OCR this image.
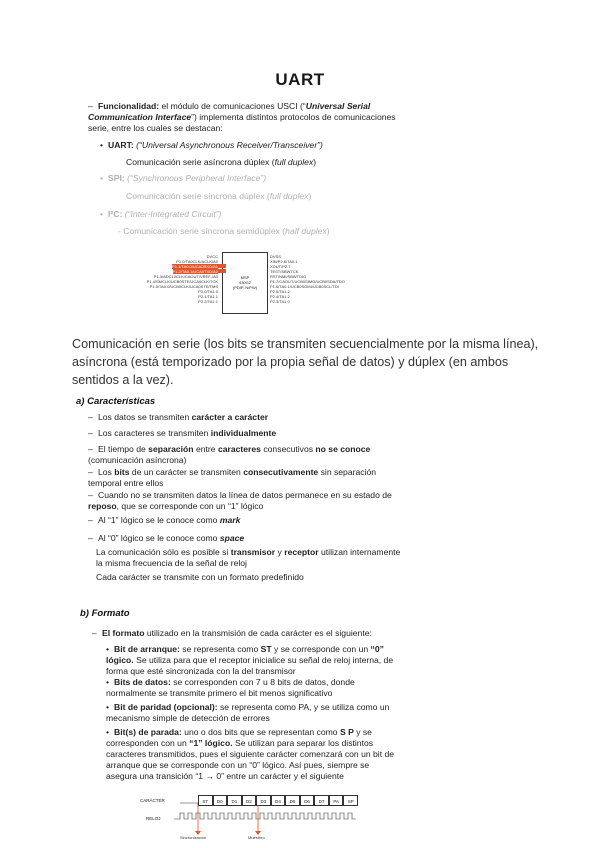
UART
– Funcionalidad: el módulo de comunicaciones USCI (“Universal Serial Communication Interface”) implementa distintos protocolos de comunicaciones serie, entre los cuales se destacan:
• UART: (“Universal Asynchronous Receiver/Transceiver”)
Comunicación serie asíncrona dúplex (full duplex)
• SPI: (“Synchronous Peripheral Interface”)
Comunicación serie síncrona dúplex (full duplex)
• I²C: (“Inter-Integrated Circuit”)
- Comunicación serie síncrona semidúplex (half duplex)
MSP
430G2
(PDIP, N/PW)
DVCC
P1.0/TA0CLK/ACLK/A0
P1.1/TA0.0/UCA0RXD/A1
P1.2/TA0.1/UCA0TXD/A2
P1.3/ADC10CLK/CAOUT/VREF-/A3
P1.4/SMCLK/UCB0STE/UCA0CLK/TCK
P1.5/TA0.0/UCB0CLK/UCA0STE/TMS
P2.0/TA1.0
P2.1/TA1.1
P2.2/TA1.1
DVSS
XIN/P2.6/TA0.1
XOUT/P2.7
TEST/SBWTCK
RST/NMI/SBWTDIO
P1.7/CAOUT/UCB0SIMO/UCB0SDA/TDO
P1.6/TA0.1/UCB0SOMI/UCB0SCL/TDI
P2.5/TA1.2
P2.4/TA1.2
P2.3/TA1.0
Comunicación en serie (los bits se transmiten secuencialmente por la misma línea), asíncrona (está temporizado por la propia señal de datos) y dúplex (en ambos sentidos a la vez).
a) Características
– Los datos se transmiten carácter a carácter
– Los caracteres se transmiten individualmente
– El tiempo de separación entre caracteres consecutivos no se conoce (comunicación asíncrona)
– Los bits de un carácter se transmiten consecutivamente sin separación temporal entre ellos
– Cuando no se transmiten datos la línea de datos permanece en su estado de reposo, que se corresponde con un “1” lógico
– Al “1” lógico se le conoce como mark
– Al “0” lógico se le conoce como space
La comunicación sólo es posible si transmisor y receptor utilizan internamente la misma frecuencia de la señal de reloj
Cada carácter se transmite con un formato predefinido
b) Formato
– El formato utilizado en la transmisión de cada carácter es el siguiente:
• Bit de arranque: se representa como ST y se corresponde con un “0” lógico. Se utiliza para que el receptor inicialice su señal de reloj interna, de forma que esté sincronizada con la del transmisor
• Bits de datos: se corresponden con 7 u 8 bits de datos, donde normalmente se transmite primero el bit menos significativo
• Bit de paridad (opcional): se representa como PA, y se utiliza como un mecanismo simple de detección de errores
• Bit(s) de parada: uno o dos bits que se representan como S P y se corresponden con un “1” lógico. Se utilizan para separar los distintos caracteres transmitidos, pues el siguiente carácter comenzará con un bit de arranque que se corresponde con un “0” lógico. Así pues, siempre se asegura una transición “1 → 0” entre un carácter y el siguiente
CARÁCTER
RELOJ
ST	D0	D1	D2	D3	D4	D5	D6	D7	PA	SP
Sincronización	Muestreo
